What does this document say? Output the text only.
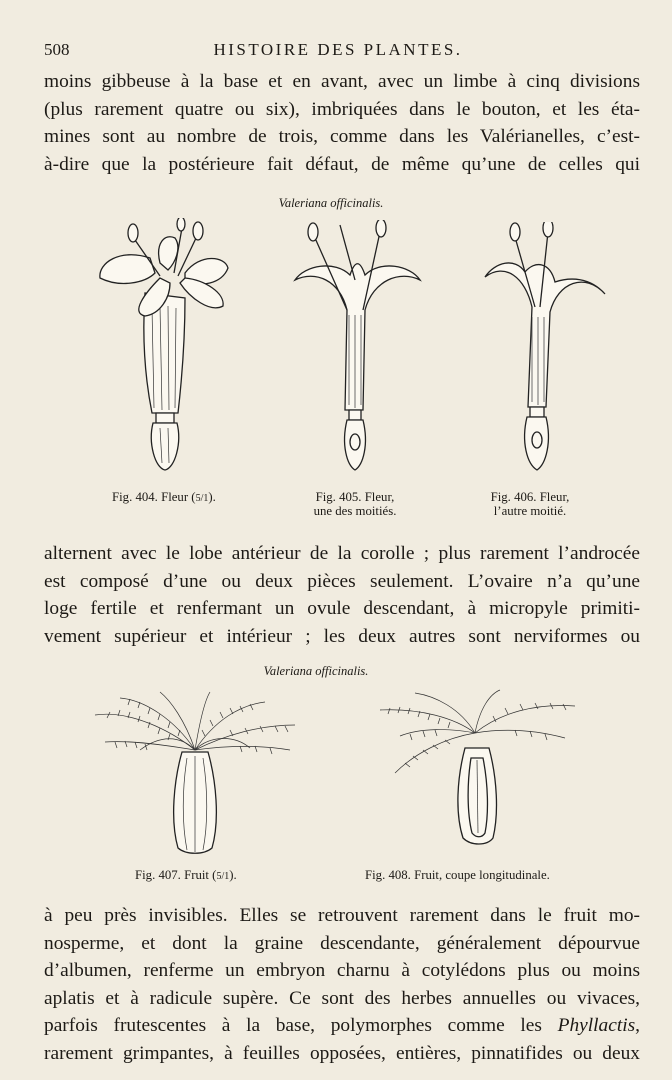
508	HISTOIRE DES PLANTES.
moins gibbeuse à la base et en avant, avec un limbe à cinq divisions
(plus rarement quatre ou six), imbriquées dans le bouton, et les éta-
mines sont au nombre de trois, comme dans les Valérianelles, c’est-
à-dire que la postérieure fait défaut, de même qu’une de celles qui
Valeriana officinalis.
Fig. 404. Fleur (5/1).	Fig. 405. Fleur,
une des moitiés.
Fig. 406. Fleur,
l’autre moitié.
alternent avec le lobe antérieur de la corolle ; plus rarement l’androcée
est composé d’une ou deux pièces seulement. L’ovaire n’a qu’une
loge fertile et renfermant un ovule descendant, à micropyle primiti-
vement supérieur et intérieur ; les deux autres sont nerviformes ou
Valeriana officinalis.
Fig. 407. Fruit (5/1).	Fig. 408. Fruit, coupe longitudinale.
à peu près invisibles. Elles se retrouvent rarement dans le fruit mo-
nosperme, et dont la graine descendante, généralement dépourvue
d’albumen, renferme un embryon charnu à cotylédons plus ou moins
aplatis et à radicule supère. Ce sont des herbes annuelles ou vivaces,
parfois frutescentes à la base, polymorphes comme les Phyllactis,
rarement grimpantes, à feuilles opposées, entières, pinnatifides ou deux
